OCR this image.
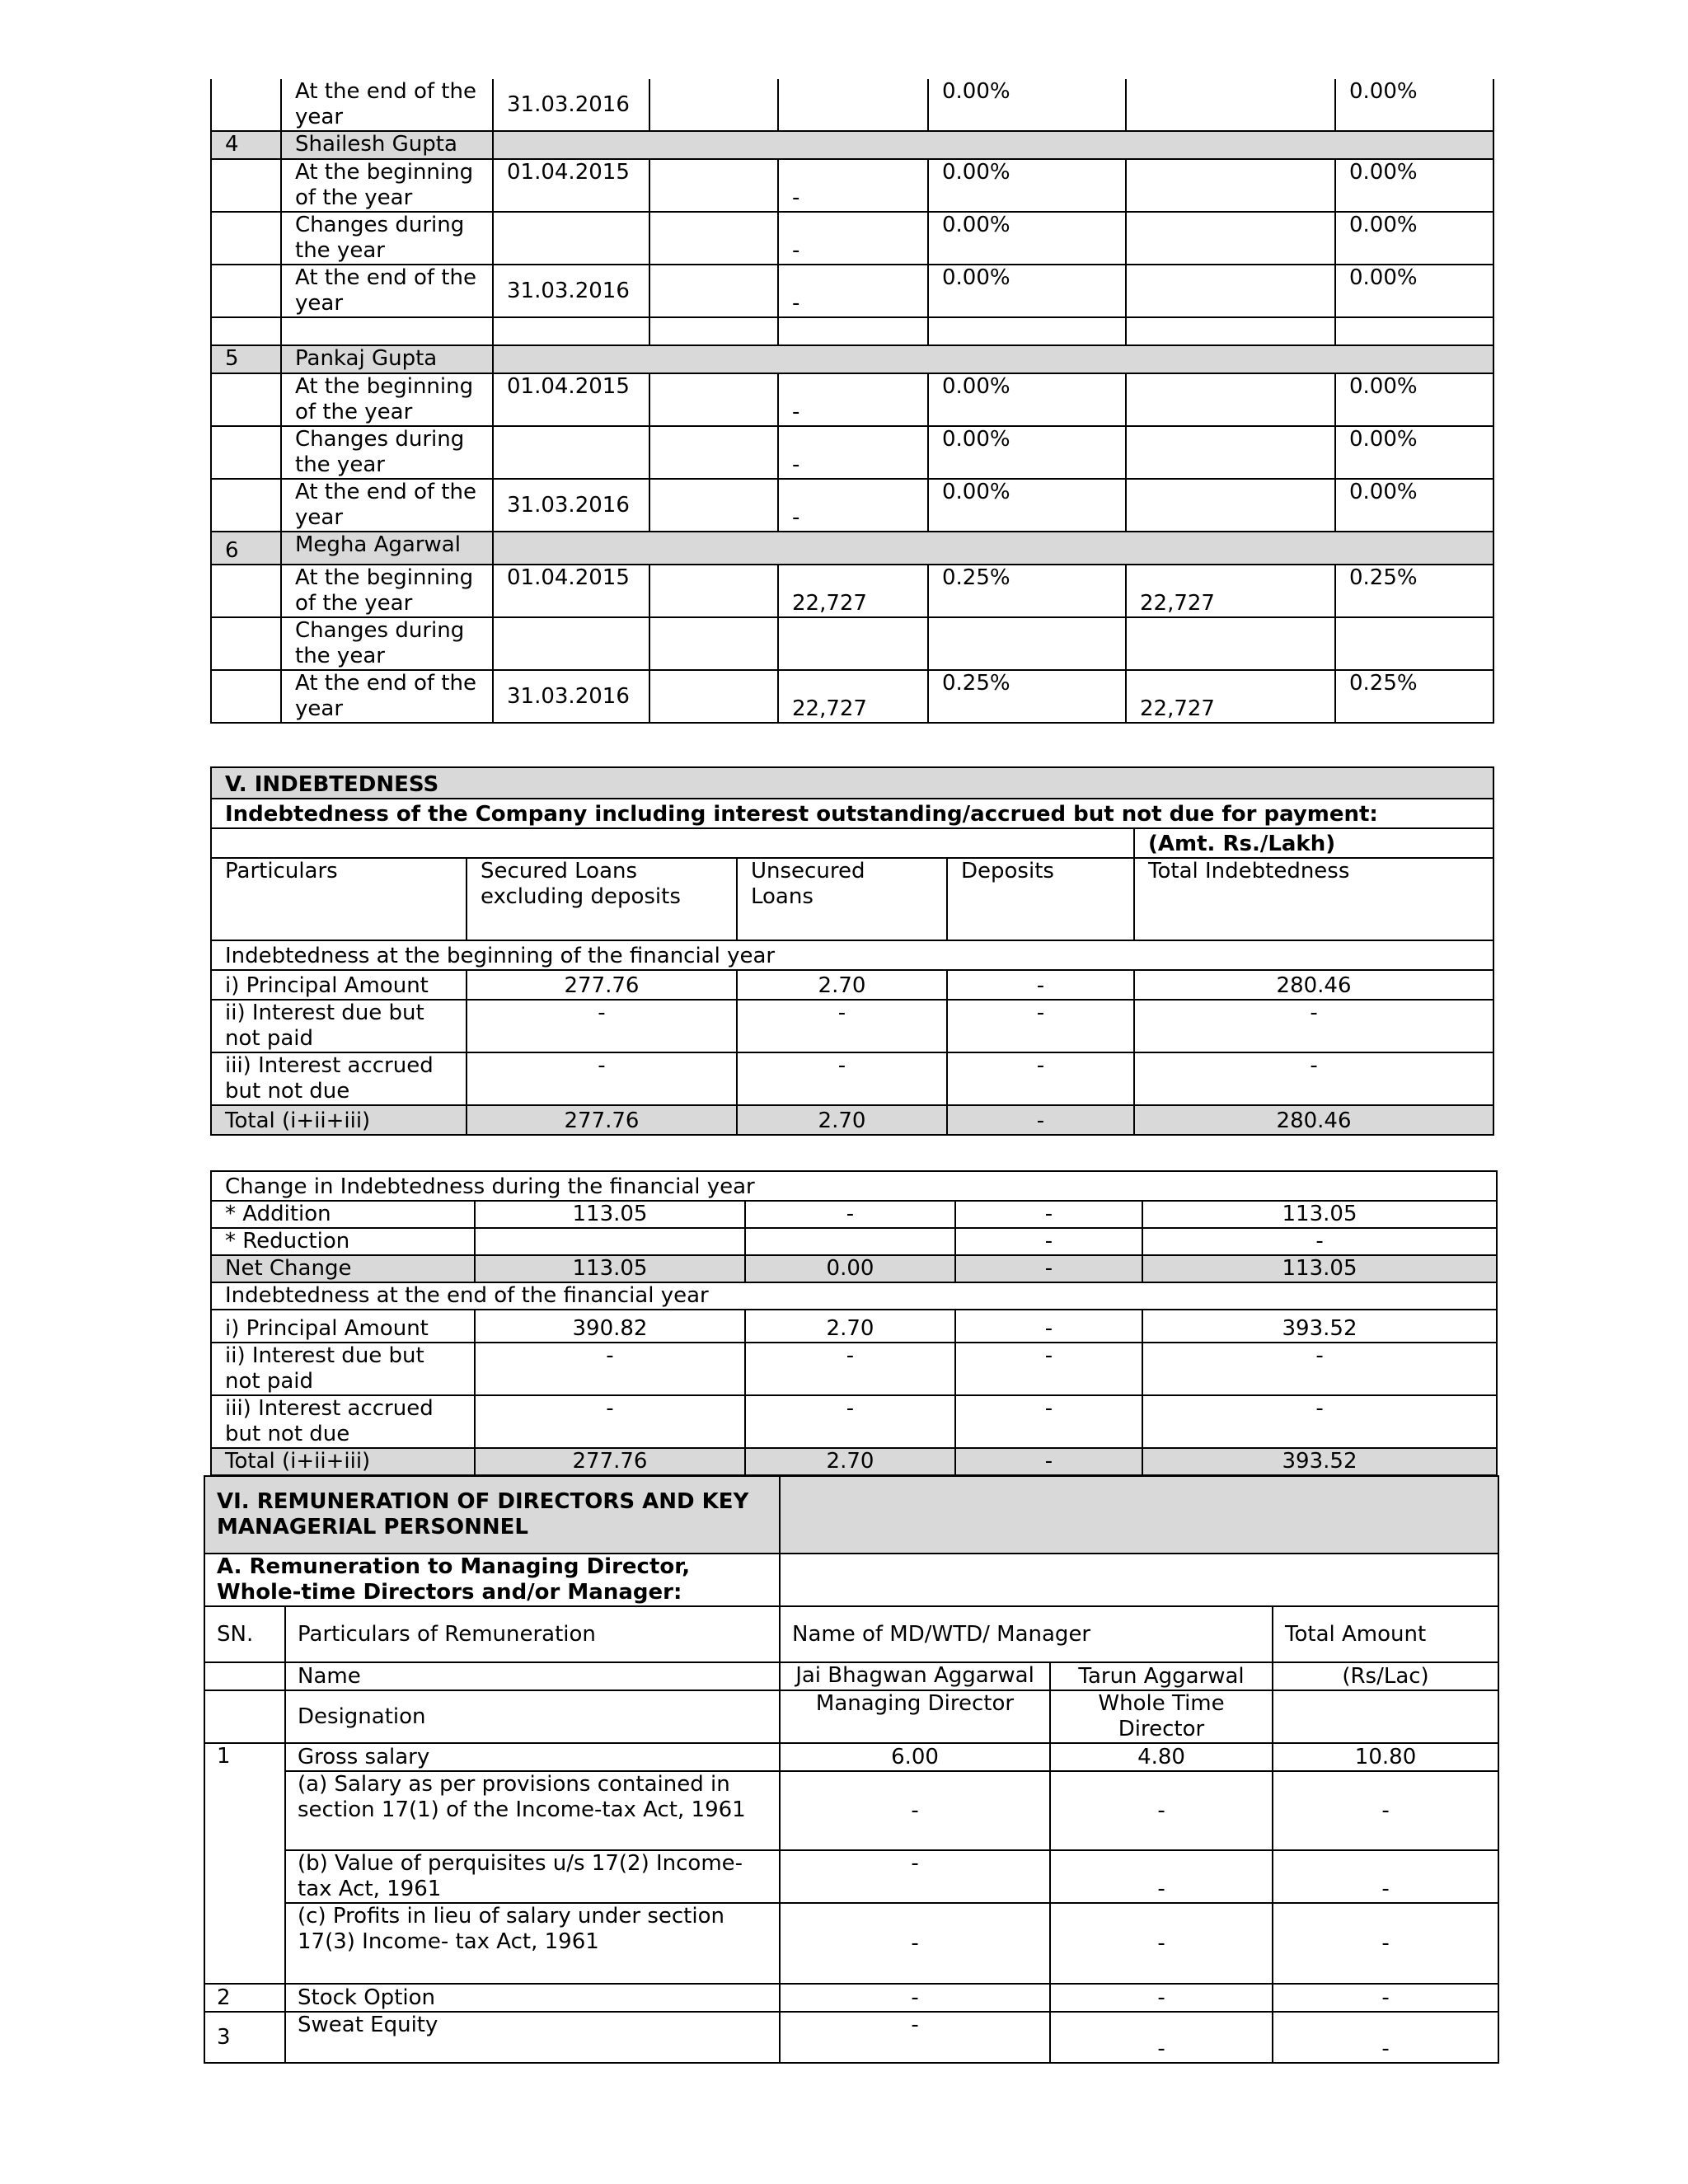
	At the end of the year	31.03.2016			0.00%		0.00%
4	Shailesh Gupta						
	At the beginning of the year	01.04.2015		-	0.00%		0.00%
	Changes during the year			-	0.00%		0.00%
	At the end of the year	31.03.2016		-	0.00%		0.00%

5	Pankaj Gupta						
	At the beginning of the year	01.04.2015		-	0.00%		0.00%
	Changes during the year			-	0.00%		0.00%
	At the end of the year	31.03.2016		-	0.00%		0.00%
6	Megha Agarwal						
	At the beginning of the year	01.04.2015		22,727	0.25%	22,727	0.25%
	Changes during the year						
	At the end of the year	31.03.2016		22,727	0.25%	22,727	0.25%
V. INDEBTEDNESS				
Indebtedness of the Company including interest outstanding/accrued but not due for payment:				
				(Amt. Rs./Lakh)
Particulars	Secured Loans excluding deposits	Unsecured Loans	Deposits	Total Indebtedness
Indebtedness at the beginning of the financial year				
i) Principal Amount	277.76	2.70	-	280.46
ii) Interest due but not paid	-	-	-	-
iii) Interest accrued but not due	-	-	-	-
Total (i+ii+iii)	277.76	2.70	-	280.46
Change in Indebtedness during the financial year				
* Addition	113.05	-	-	113.05
* Reduction			-	-
Net Change	113.05	0.00	-	113.05
Indebtedness at the end of the financial year				
i) Principal Amount	390.82	2.70	-	393.52
ii) Interest due but not paid	-	-	-	-
iii) Interest accrued but not due	-	-	-	-
Total (i+ii+iii)	277.76	2.70	-	393.52
VI. REMUNERATION OF DIRECTORS AND KEY MANAGERIAL PERSONNEL				
A. Remuneration to Managing Director, Whole-time Directors and/or Manager:				
SN.	Particulars of Remuneration	Name of MD/WTD/ Manager		Total Amount
	Name	Jai Bhagwan Aggarwal	Tarun Aggarwal	(Rs/Lac)
	Designation	Managing Director	Whole Time Director	
1	Gross salary	6.00	4.80	10.80
	(a) Salary as per provisions contained in section 17(1) of the Income-tax Act, 1961	-	-	-
	(b) Value of perquisites u/s 17(2) Income-tax Act, 1961	-	-	-
	(c) Profits in lieu of salary under section 17(3) Income- tax Act, 1961	-	-	-
2	Stock Option	-	-	-
3	Sweat Equity	-	-	-
